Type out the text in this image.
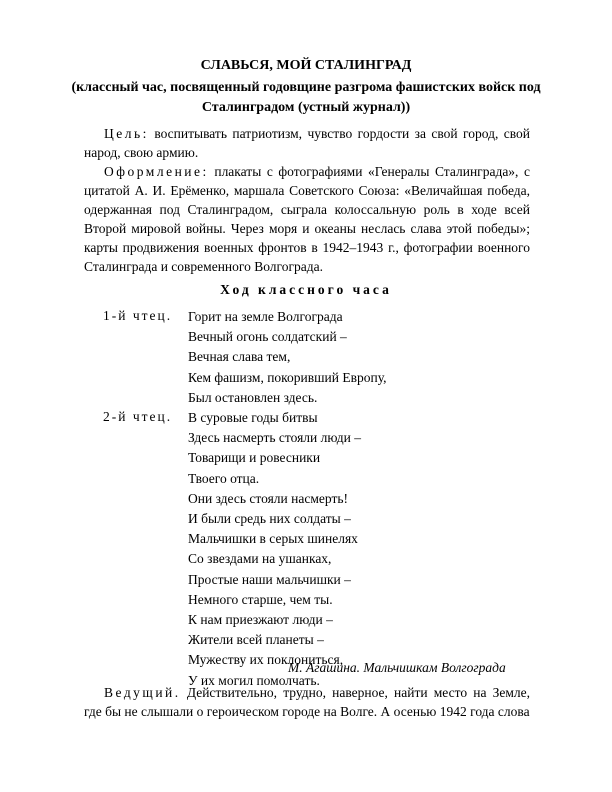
СЛАВЬСЯ, МОЙ СТАЛИНГРАД
(классный час, посвященный годовщине разгрома фашистских войск под Сталинградом (устный журнал))
Цель: воспитывать патриотизм, чувство гордости за свой город, свой народ, свою армию.
Оформление: плакаты с фотографиями «Генералы Сталинграда», с цитатой А. И. Ерёменко, маршала Советского Союза: «Величайшая победа, одержанная под Сталинградом, сыграла колоссальную роль в ходе всей Второй мировой войны. Через моря и океаны неслась слава этой победы»; карты продвижения военных фронтов в 1942–1943 г., фотографии военного Сталинграда и современного Волгограда.
Ход классного часа
1-й чтец. Горит на земле Волгограда
Вечный огонь солдатский –
Вечная слава тем,
Кем фашизм, покоривший Европу,
Был остановлен здесь.
2-й чтец. В суровые годы битвы
Здесь насмерть стояли люди –
Товарищи и ровесники
Твоего отца.
Они здесь стояли насмерть!
И были средь них солдаты –
Мальчишки в серых шинелях
Со звездами на ушанках,
Простые наши мальчишки –
Немного старше, чем ты.
К нам приезжают люди –
Жители всей планеты –
Мужеству их поклониться,
У их могил помолчать.
М. Агашина. Мальчишкам Волгограда
Ведущий. Действительно, трудно, наверное, найти место на Земле, где бы не слышали о героическом городе на Волге. А осенью 1942 года слова
